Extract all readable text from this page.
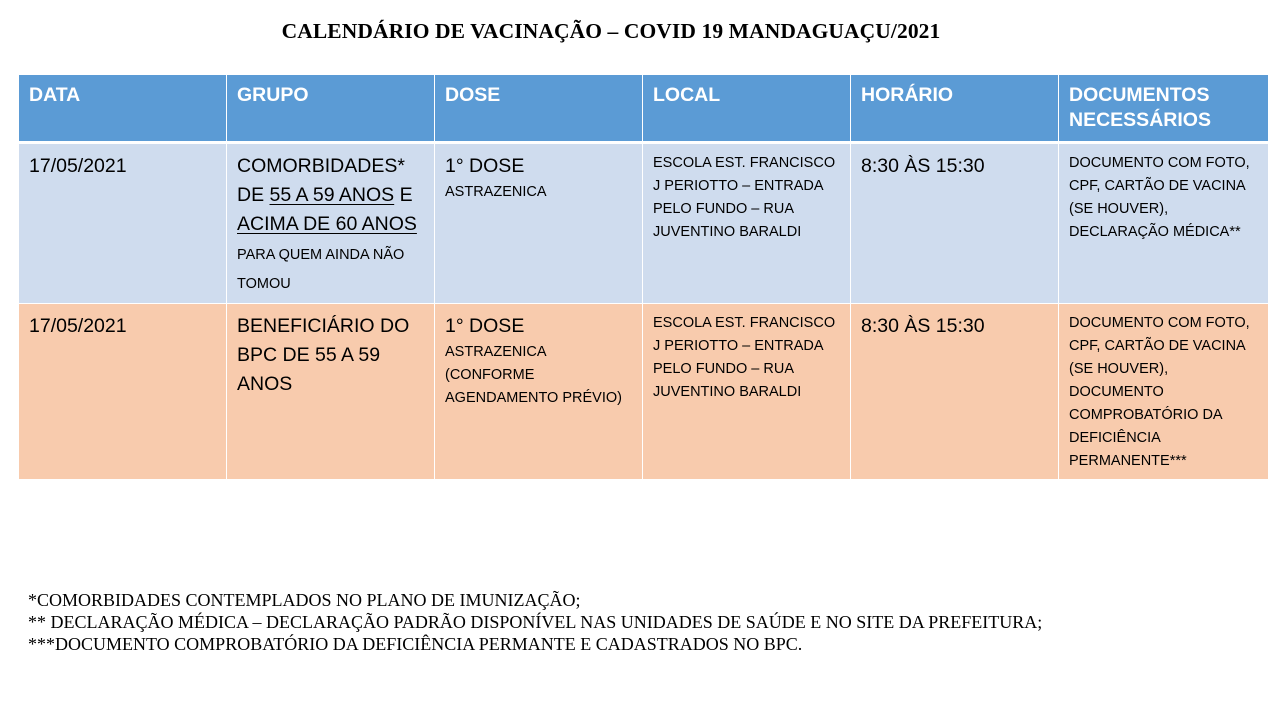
CALENDÁRIO DE VACINAÇÃO – COVID 19 MANDAGUAÇU/2021
DATA	GRUPO	DOSE	LOCAL	HORÁRIO	DOCUMENTOS NECESSÁRIOS

17/05/2021	COMORBIDADES* DE 55 A 59 ANOS E ACIMA DE 60 ANOS PARA QUEM AINDA NÃO TOMOU	1° DOSE
ASTRAZENICA	ESCOLA EST. FRANCISCO J PERIOTTO – ENTRADA PELO FUNDO – RUA JUVENTINO BARALDI	8:30 ÀS 15:30	DOCUMENTO COM FOTO, CPF, CARTÃO DE VACINA (SE HOUVER), DECLARAÇÃO MÉDICA**

17/05/2021	BENEFICIÁRIO DO BPC DE 55 A 59 ANOS	1° DOSE
ASTRAZENICA (CONFORME AGENDAMENTO PRÉVIO)	ESCOLA EST. FRANCISCO J PERIOTTO – ENTRADA PELO FUNDO – RUA JUVENTINO BARALDI	8:30 ÀS 15:30	DOCUMENTO COM FOTO, CPF, CARTÃO DE VACINA (SE HOUVER), DOCUMENTO COMPROBATÓRIO DA DEFICIÊNCIA PERMANENTE***
*COMORBIDADES CONTEMPLADOS NO PLANO DE IMUNIZAÇÃO;
** DECLARAÇÃO MÉDICA – DECLARAÇÃO PADRÃO DISPONÍVEL NAS UNIDADES DE SAÚDE E NO SITE DA PREFEITURA;
***DOCUMENTO COMPROBATÓRIO DA DEFICIÊNCIA PERMANTE E CADASTRADOS NO BPC.
